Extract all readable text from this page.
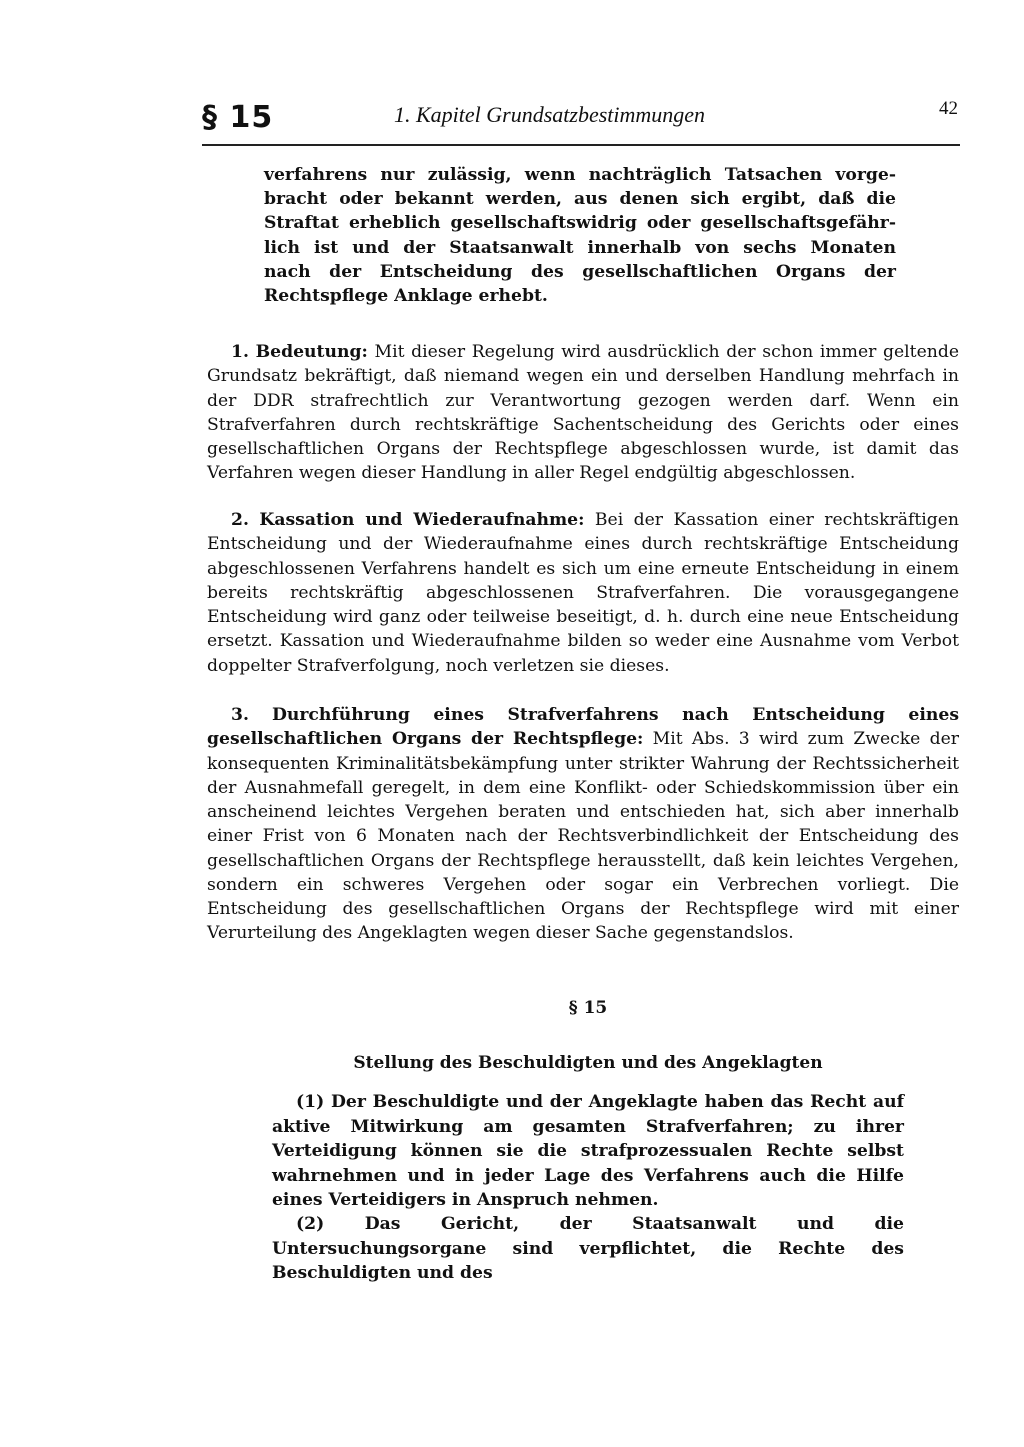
§ 15	1. Kapitel Grundsatzbestimmungen	42
verfahrens nur zulässig, wenn nachträglich Tatsachen vorge-
bracht oder bekannt werden, aus denen sich ergibt, daß die
Straftat erheblich gesellschaftswidrig oder gesellschaftsgefähr-
lich ist und der Staatsanwalt innerhalb von sechs Monaten
nach der Entscheidung des gesellschaftlichen Organs der
Rechtspflege Anklage erhebt.
1. Bedeutung: Mit dieser Regelung wird ausdrücklich der schon immer geltende Grundsatz bekräftigt, daß niemand wegen ein und derselben Handlung mehrfach in der DDR strafrechtlich zur Verantwortung gezogen werden darf. Wenn ein Strafverfahren durch rechtskräftige Sachentscheidung des Gerichts oder eines gesellschaftlichen Organs der Rechtspflege abgeschlossen wurde, ist damit das Verfahren wegen dieser Handlung in aller Regel endgültig abgeschlossen.
2. Kassation und Wiederaufnahme: Bei der Kassation einer rechtskräftigen Entscheidung und der Wiederaufnahme eines durch rechtskräftige Entscheidung abgeschlossenen Verfahrens handelt es sich um eine erneute Entscheidung in einem bereits rechtskräftig abgeschlossenen Strafverfahren. Die vorausgegangene Entscheidung wird ganz oder teilweise beseitigt, d. h. durch eine neue Entscheidung ersetzt. Kassation und Wiederaufnahme bilden so weder eine Ausnahme vom Verbot doppelter Strafverfolgung, noch verletzen sie dieses.
3. Durchführung eines Strafverfahrens nach Entscheidung eines gesellschaftlichen Organs der Rechtspflege: Mit Abs. 3 wird zum Zwecke der konsequenten Kriminalitätsbekämpfung unter strikter Wahrung der Rechtssicherheit der Ausnahmefall geregelt, in dem eine Konflikt- oder Schiedskommission über ein anscheinend leichtes Vergehen beraten und entschieden hat, sich aber innerhalb einer Frist von 6 Monaten nach der Rechtsverbindlichkeit der Entscheidung des gesellschaftlichen Organs der Rechtspflege herausstellt, daß kein leichtes Vergehen, sondern ein schweres Vergehen oder sogar ein Verbrechen vorliegt. Die Entscheidung des gesellschaftlichen Organs der Rechtspflege wird mit einer Verurteilung des Angeklagten wegen dieser Sache gegenstandslos.
§ 15
Stellung des Beschuldigten und des Angeklagten
(1) Der Beschuldigte und der Angeklagte haben das Recht auf aktive Mitwirkung am gesamten Strafverfahren; zu ihrer Verteidigung können sie die strafprozessualen Rechte selbst wahrnehmen und in jeder Lage des Verfahrens auch die Hilfe eines Verteidigers in Anspruch nehmen.
(2) Das Gericht, der Staatsanwalt und die Untersuchungsorgane sind verpflichtet, die Rechte des Beschuldigten und des
